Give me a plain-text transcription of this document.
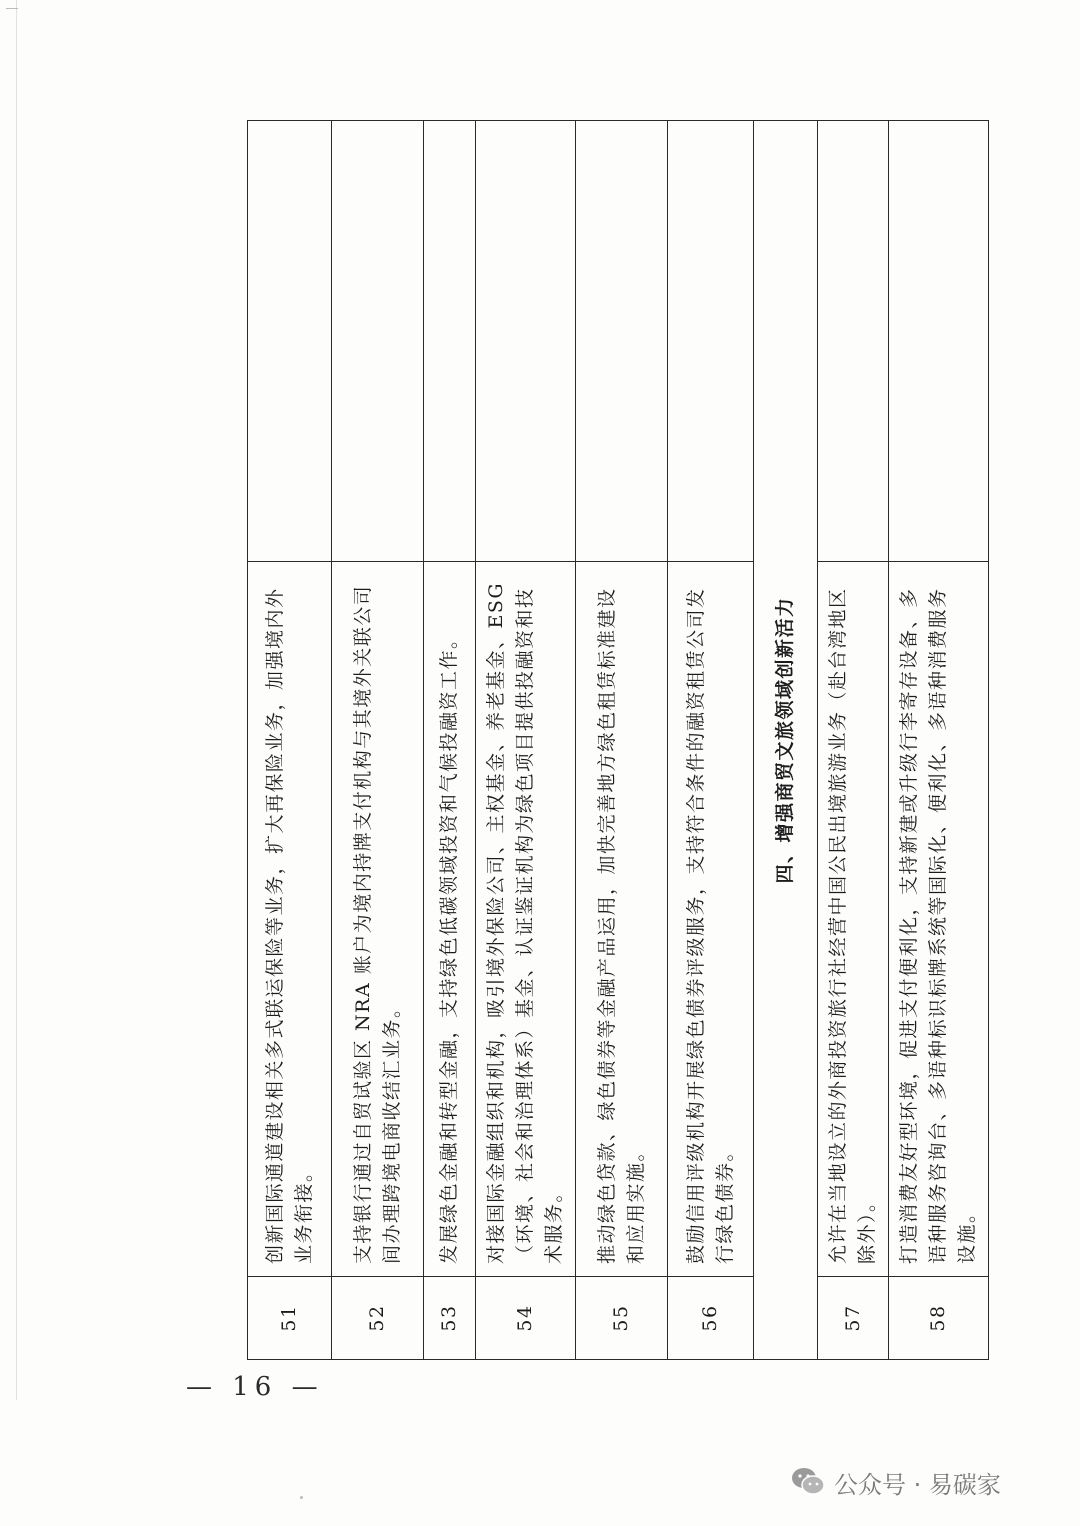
51	创新国际通道建设相关多式联运保险等业务，扩大再保险业务，加强境内外业务衔接。	
52	支持银行通过自贸试验区 NRA 账户为境内持牌支付机构与其境外关联公司间办理跨境电商收结汇业务。	
53	发展绿色金融和转型金融，支持绿色低碳领域投资和气候投融资工作。	
54	对接国际金融组织和机构，吸引境外保险公司、主权基金、养老基金、ESG（环境、社会和治理体系）基金、认证鉴证机构为绿色项目提供投融资和技术服务。	
55	推动绿色贷款、绿色债券等金融产品运用，加快完善地方绿色租赁标准建设和应用实施。	
56	鼓励信用评级机构开展绿色债券评级服务，支持符合条件的融资租赁公司发行绿色债券。	
四、增强商贸文旅领域创新活力		
57	允许在当地设立的外商投资旅行社经营中国公民出境旅游业务（赴台湾地区除外）。	
58	打造消费友好型环境，促进支付便利化，支持新建或升级行李寄存设备、多语种服务咨询台、多语种标识标牌系统等国际化、便利化、多语种消费服务设施。	
— 16 —
公众号 · 易碳家
